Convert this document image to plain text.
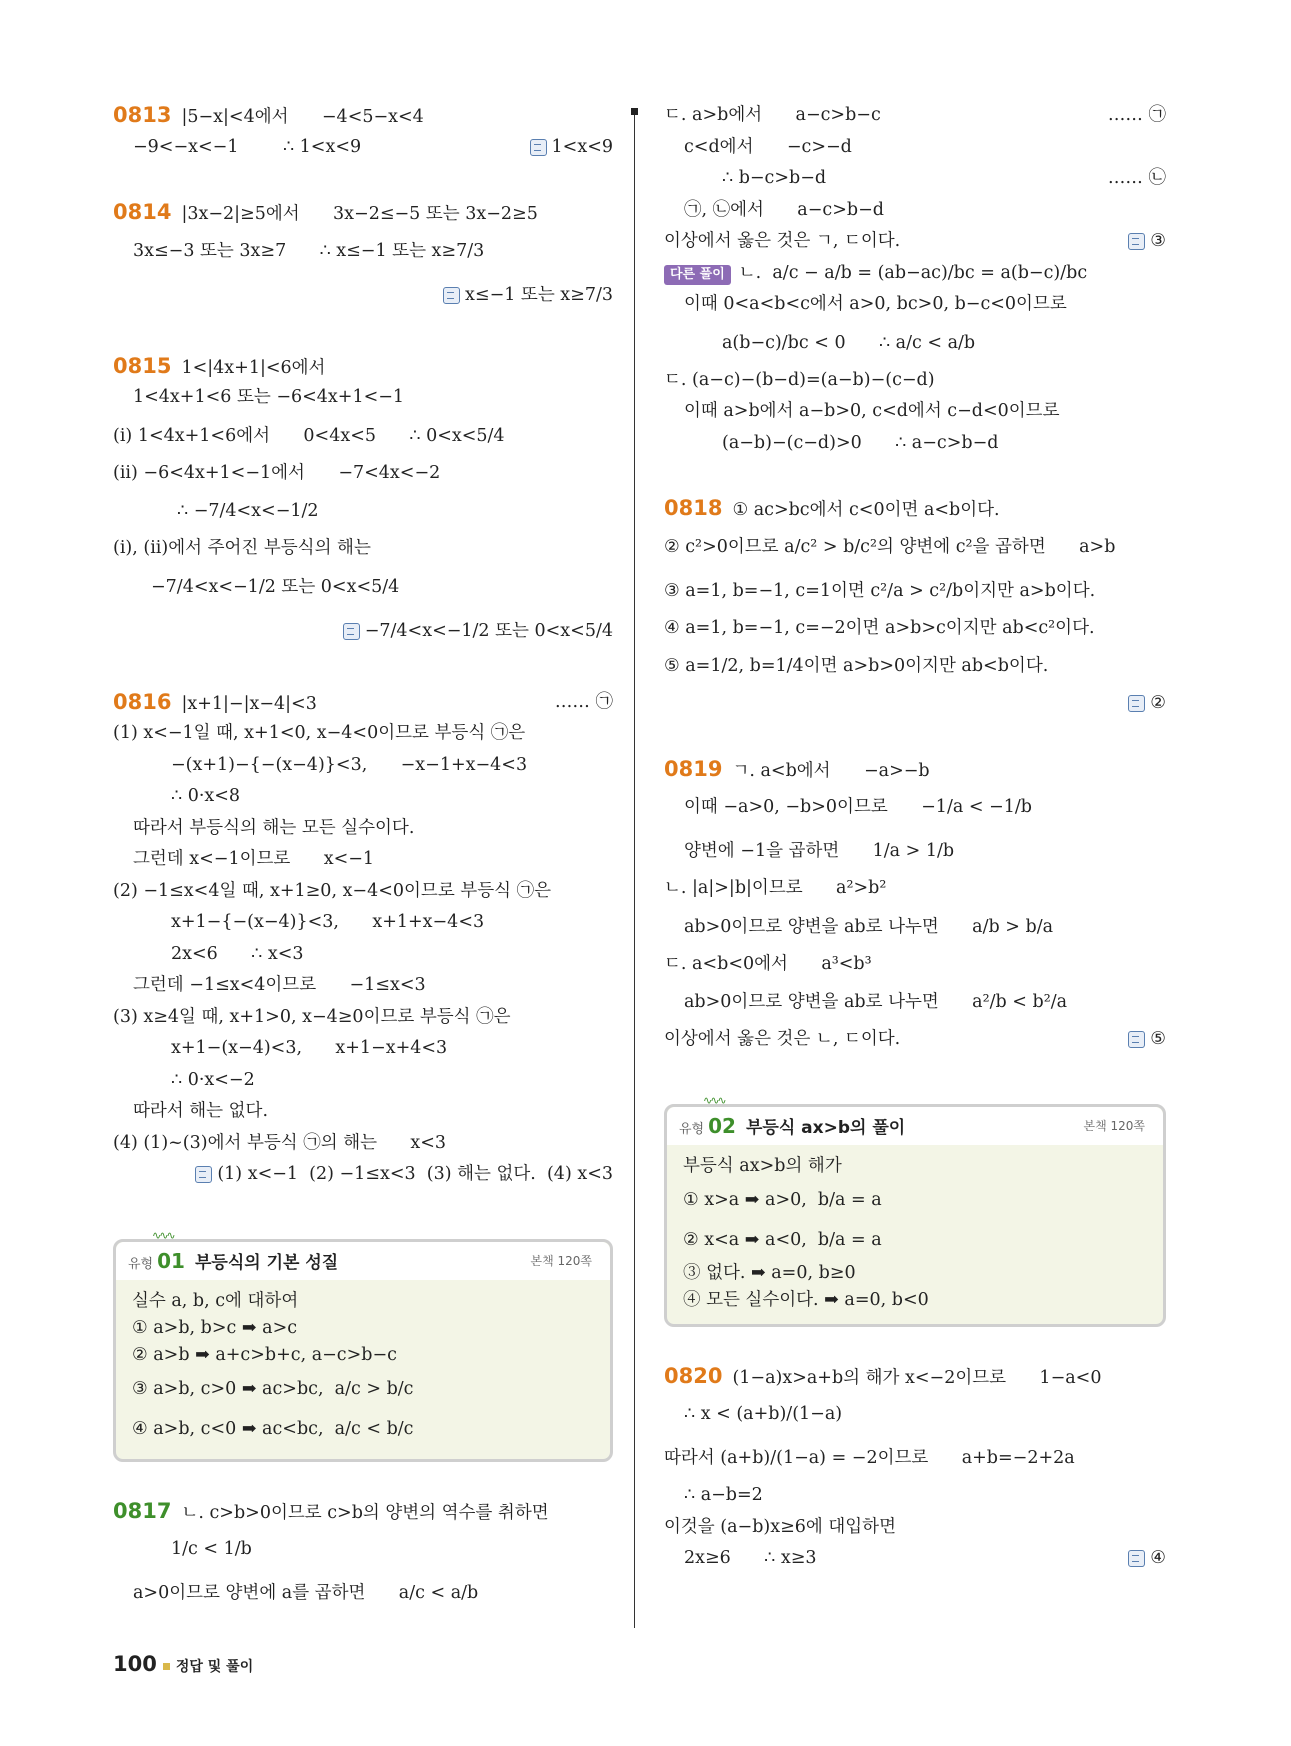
0813 |5−x|<4에서      −4<5−x<4
−9<−x<−1        ∴ 1<x<9	1<x<9
0814 |3x−2|≥5에서      3x−2≤−5 또는 3x−2≥5
3x≤−3 또는 3x≥7      ∴ x≤−1 또는 x≥7/3
x≤−1 또는 x≥7/3
0815 1<|4x+1|<6에서
1<4x+1<6 또는 −6<4x+1<−1
(i) 1<4x+1<6에서      0<4x<5      ∴ 0<x<5/4
(ii) −6<4x+1<−1에서      −7<4x<−2
∴ −7/4<x<−1/2
(i), (ii)에서 주어진 부등식의 해는
−7/4<x<−1/2 또는 0<x<5/4
−7/4<x<−1/2 또는 0<x<5/4
0816 |x+1|−|x−4|<3	…… ㉠
(1) x<−1일 때, x+1<0, x−4<0이므로 부등식 ㉠은
−(x+1)−{−(x−4)}<3,      −x−1+x−4<3
∴ 0·x<8
따라서 부등식의 해는 모든 실수이다.
그런데 x<−1이므로      x<−1
(2) −1≤x<4일 때, x+1≥0, x−4<0이므로 부등식 ㉠은
x+1−{−(x−4)}<3,      x+1+x−4<3
2x<6      ∴ x<3
그런데 −1≤x<4이므로      −1≤x<3
(3) x≥4일 때, x+1>0, x−4≥0이므로 부등식 ㉠은
x+1−(x−4)<3,      x+1−x+4<3
∴ 0·x<−2
따라서 해는 없다.
(4) (1)~(3)에서 부등식 ㉠의 해는      x<3
(1) x<−1  (2) −1≤x<3  (3) 해는 없다.  (4) x<3
∿∿∿
유형 01 부등식의 기본 성질	본책 120쪽
실수 a, b, c에 대하여
① a>b, b>c ➡ a>c
② a>b ➡ a+c>b+c, a−c>b−c
③ a>b, c>0 ➡ ac>bc,  a/c > b/c
④ a>b, c<0 ➡ ac<bc,  a/c < b/c
0817 ㄴ. c>b>0이므로 c>b의 양변의 역수를 취하면
1/c < 1/b
a>0이므로 양변에 a를 곱하면      a/c < a/b
ㄷ. a>b에서      a−c>b−c	…… ㉠
c<d에서      −c>−d
∴ b−c>b−d	…… ㉡
㉠, ㉡에서      a−c>b−d
이상에서 옳은 것은 ㄱ, ㄷ이다.	③
다른 풀이 ㄴ.  a/c − a/b = (ab−ac)/bc = a(b−c)/bc
이때 0<a<b<c에서 a>0, bc>0, b−c<0이므로
a(b−c)/bc < 0      ∴ a/c < a/b
ㄷ. (a−c)−(b−d)=(a−b)−(c−d)
이때 a>b에서 a−b>0, c<d에서 c−d<0이므로
(a−b)−(c−d)>0      ∴ a−c>b−d
0818 ① ac>bc에서 c<0이면 a<b이다.
② c²>0이므로 a/c² > b/c²의 양변에 c²을 곱하면      a>b
③ a=1, b=−1, c=1이면 c²/a > c²/b이지만 a>b이다.
④ a=1, b=−1, c=−2이면 a>b>c이지만 ab<c²이다.
⑤ a=1/2, b=1/4이면 a>b>0이지만 ab<b이다.
②
0819 ㄱ. a<b에서      −a>−b
이때 −a>0, −b>0이므로      −1/a < −1/b
양변에 −1을 곱하면      1/a > 1/b
ㄴ. |a|>|b|이므로      a²>b²
ab>0이므로 양변을 ab로 나누면      a/b > b/a
ㄷ. a<b<0에서      a³<b³
ab>0이므로 양변을 ab로 나누면      a²/b < b²/a
이상에서 옳은 것은 ㄴ, ㄷ이다.	⑤
∿∿∿
유형 02 부등식 ax>b의 풀이	본책 120쪽
부등식 ax>b의 해가
① x>a ➡ a>0,  b/a = a
② x<a ➡ a<0,  b/a = a
③ 없다. ➡ a=0, b≥0
④ 모든 실수이다. ➡ a=0, b<0
0820 (1−a)x>a+b의 해가 x<−2이므로      1−a<0
∴ x < (a+b)/(1−a)
따라서 (a+b)/(1−a) = −2이므로      a+b=−2+2a
∴ a−b=2
이것을 (a−b)x≥6에 대입하면
2x≥6      ∴ x≥3	④
100 정답 및 풀이
